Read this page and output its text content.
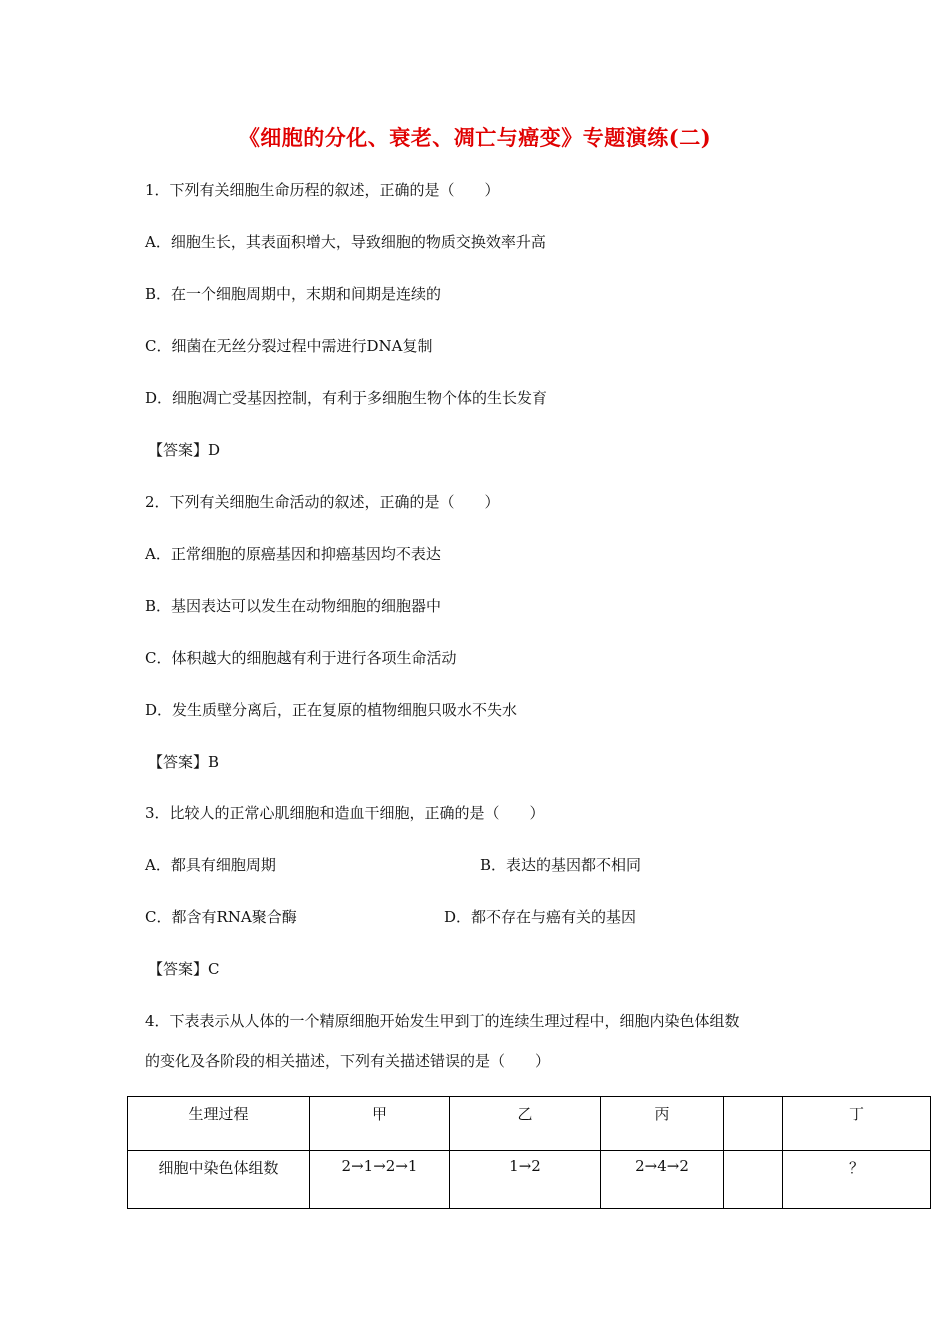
《细胞的分化、衰老、凋亡与癌变》专题演练(二)
1．下列有关细胞生命历程的叙述，正确的是（　　）
A．细胞生长，其表面积增大，导致细胞的物质交换效率升高
B．在一个细胞周期中，末期和间期是连续的
C．细菌在无丝分裂过程中需进行DNA复制
D．细胞凋亡受基因控制，有利于多细胞生物个体的生长发育
【答案】D
2．下列有关细胞生命活动的叙述，正确的是（　　）
A．正常细胞的原癌基因和抑癌基因均不表达
B．基因表达可以发生在动物细胞的细胞器中
C．体积越大的细胞越有利于进行各项生命活动
D．发生质壁分离后，正在复原的植物细胞只吸水不失水
【答案】B
3．比较人的正常心肌细胞和造血干细胞，正确的是（　　）
A．都具有细胞周期	B．表达的基因都不相同
C．都含有RNA聚合酶	D．都不存在与癌有关的基因
【答案】C
4．下表表示从人体的一个精原细胞开始发生甲到丁的连续生理过程中，细胞内染色体组数
的变化及各阶段的相关描述，下列有关描述错误的是（　　）
生理过程	甲	乙	丙		丁
细胞中染色体组数	2→1→2→1	1→2	2→4→2		？
